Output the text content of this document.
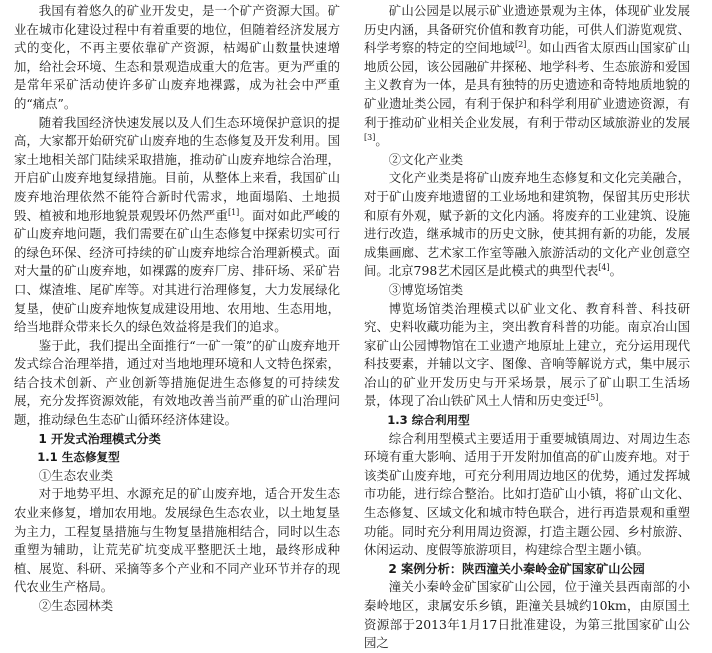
我国有着悠久的矿业开发史，是一个矿产资源大国。矿业在城市化建设过程中有着重要的地位，但随着经济发展方式的变化，不再主要依靠矿产资源，枯竭矿山数量快速增加，给社会环境、生态和景观造成重大的危害。更为严重的是常年采矿活动使许多矿山废弃地裸露，成为社会中严重的“痛点”。

随着我国经济快速发展以及人们生态环境保护意识的提高，大家都开始研究矿山废弃地的生态修复及开发利用。国家土地相关部门陆续采取措施，推动矿山废弃地综合治理，开启矿山废弃地复绿措施。目前，从整体上来看，我国矿山废弃地治理依然不能符合新时代需求，地面塌陷、土地损毁、植被和地形地貌景观毁坏仍然严重[1]。面对如此严峻的矿山废弃地问题，我们需要在矿山生态修复中探索切实可行的绿色环保、经济可持续的矿山废弃地综合治理新模式。面对大量的矿山废弃地，如裸露的废弃厂房、排矸场、采矿岩口、煤渣堆、尾矿库等。对其进行治理修复，大力发展绿化复垦，使矿山废弃地恢复成建设用地、农用地、生态用地，给当地群众带来长久的绿色效益将是我们的追求。

鉴于此，我们提出全面推行“一矿一策”的矿山废弃地开发式综合治理举措，通过对当地地理环境和人文特色探索，结合技术创新、产业创新等措施促进生态修复的可持续发展，充分发挥资源效能，有效地改善当前严重的矿山治理问题，推动绿色生态矿山循环经济体建设。

1 开发式治理模式分类
1.1 生态修复型

①生态农业类

对于地势平坦、水源充足的矿山废弃地，适合开发生态农业来修复，增加农用地。发展绿色生态农业，以土地复垦为主力，工程复垦措施与生物复垦措施相结合，同时以生态重塑为辅助，让荒芜矿坑变成平整肥沃土地，最终形成种植、展览、科研、采摘等多个产业和不同产业环节并存的现代农业生产格局。

②生态园林类

矿山公园是以展示矿业遗迹景观为主体，体现矿业发展历史内涵，具备研究价值和教育功能，可供人们游览观赏、科学考察的特定的空间地域[2]。如山西省太原西山国家矿山地质公园，该公园融矿井探秘、地学科考、生态旅游和爱国主义教育为一体，是具有独特的历史遗迹和奇特地质地貌的矿业遗址类公园，有利于保护和科学利用矿业遗迹资源，有利于推动矿业相关企业发展，有利于带动区域旅游业的发展[3]。

②文化产业类

文化产业类是将矿山废弃地生态修复和文化完美融合，对于矿山废弃地遗留的工业场地和建筑物，保留其历史形状和原有外观，赋予新的文化内涵。将废弃的工业建筑、设施进行改造，继承城市的历史文脉，使其拥有新的功能，发展成集画廊、艺术家工作室等融入旅游活动的文化产业创意空间。北京798艺术园区是此模式的典型代表[4]。

③博览场馆类

博览场馆类治理模式以矿业文化、教育科普、科技研究、史料收藏功能为主，突出教育科普的功能。南京冶山国家矿山公园博物馆在工业遗产地原址上建立，充分运用现代科技要素，并辅以文字、图像、音响等解说方式，集中展示冶山的矿业开发历史与开采场景，展示了矿山职工生活场景，体现了冶山铁矿风土人情和历史变迁[5]。

1.3 综合利用型

综合利用型模式主要适用于重要城镇周边、对周边生态环境有重大影响、适用于开发附加值高的矿山废弃地。对于该类矿山废弃地，可充分利用周边地区的优势，通过发挥城市功能，进行综合整治。比如打造矿山小镇，将矿山文化、生态修复、区域文化和城市特色联合，进行再造景观和重塑功能。同时充分利用周边资源，打造主题公园、乡村旅游、休闲运动、度假等旅游项目，构建综合型主题小镇。

2 案例分析：陕西潼关小秦岭金矿国家矿山公园

潼关小秦岭金矿国家矿山公园，位于潼关县西南部的小秦岭地区，隶属安乐乡镇，距潼关县城约10km，由原国土资源部于2013年1月17日批准建设，为第三批国家矿山公园之
